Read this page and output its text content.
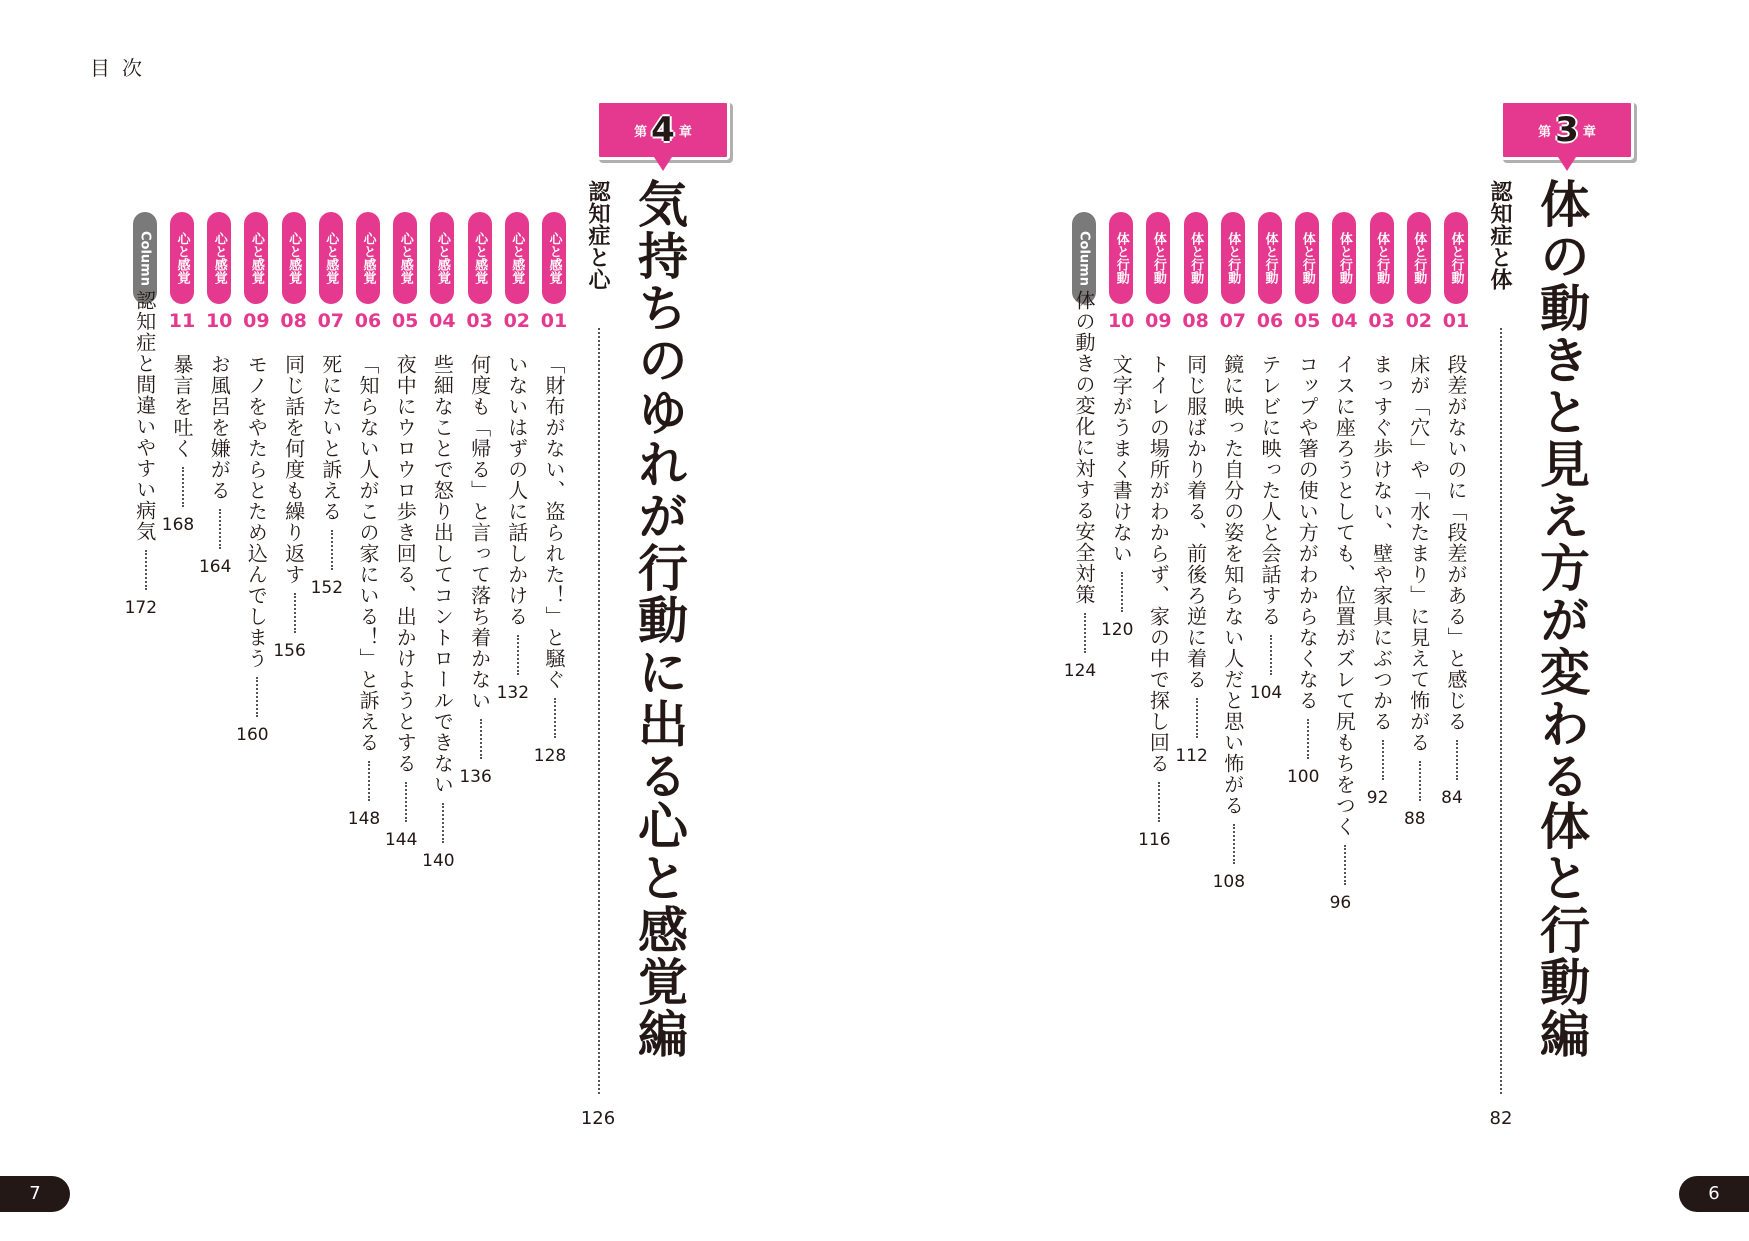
目次
第 3 章
体の動きと見え方が変わる
体と行動編
認知症と体
82
体と行動
01
段差がないのに「段差がある」と感じる
84
体と行動
02
床が「穴」や「水たまり」に見えて怖がる
88
体と行動
03
まっすぐ歩けない、壁や家具にぶつかる
92
体と行動
04
イスに座ろうとしても、位置がズレて尻もちをつく
96
体と行動
05
コップや箸の使い方がわからなくなる
100
体と行動
06
テレビに映った人と会話する
104
体と行動
07
鏡に映った自分の姿を知らない人だと思い怖がる
108
体と行動
08
同じ服ばかり着る、前後ろ逆に着る
112
体と行動
09
トイレの場所がわからず、家の中で探し回る
116
体と行動
10
文字がうまく書けない
120
Column
体の動きの変化に対する安全対策
124
第 4 章
気持ちのゆれが行動に出る
心と感覚編
認知症と心
126
心と感覚
01
「財布がない、盗られた！」と騒ぐ
128
心と感覚
02
いないはずの人に話しかける
132
心と感覚
03
何度も「帰る」と言って落ち着かない
136
心と感覚
04
些細なことで怒り出してコントロールできない
140
心と感覚
05
夜中にウロウロ歩き回る、出かけようとする
144
心と感覚
06
「知らない人がこの家にいる！」と訴える
148
心と感覚
07
死にたいと訴える
152
心と感覚
08
同じ話を何度も繰り返す
156
心と感覚
09
モノをやたらとため込んでしまう
160
心と感覚
10
お風呂を嫌がる
164
心と感覚
11
暴言を吐く
168
Column
認知症と間違いやすい病気
172
7	6
